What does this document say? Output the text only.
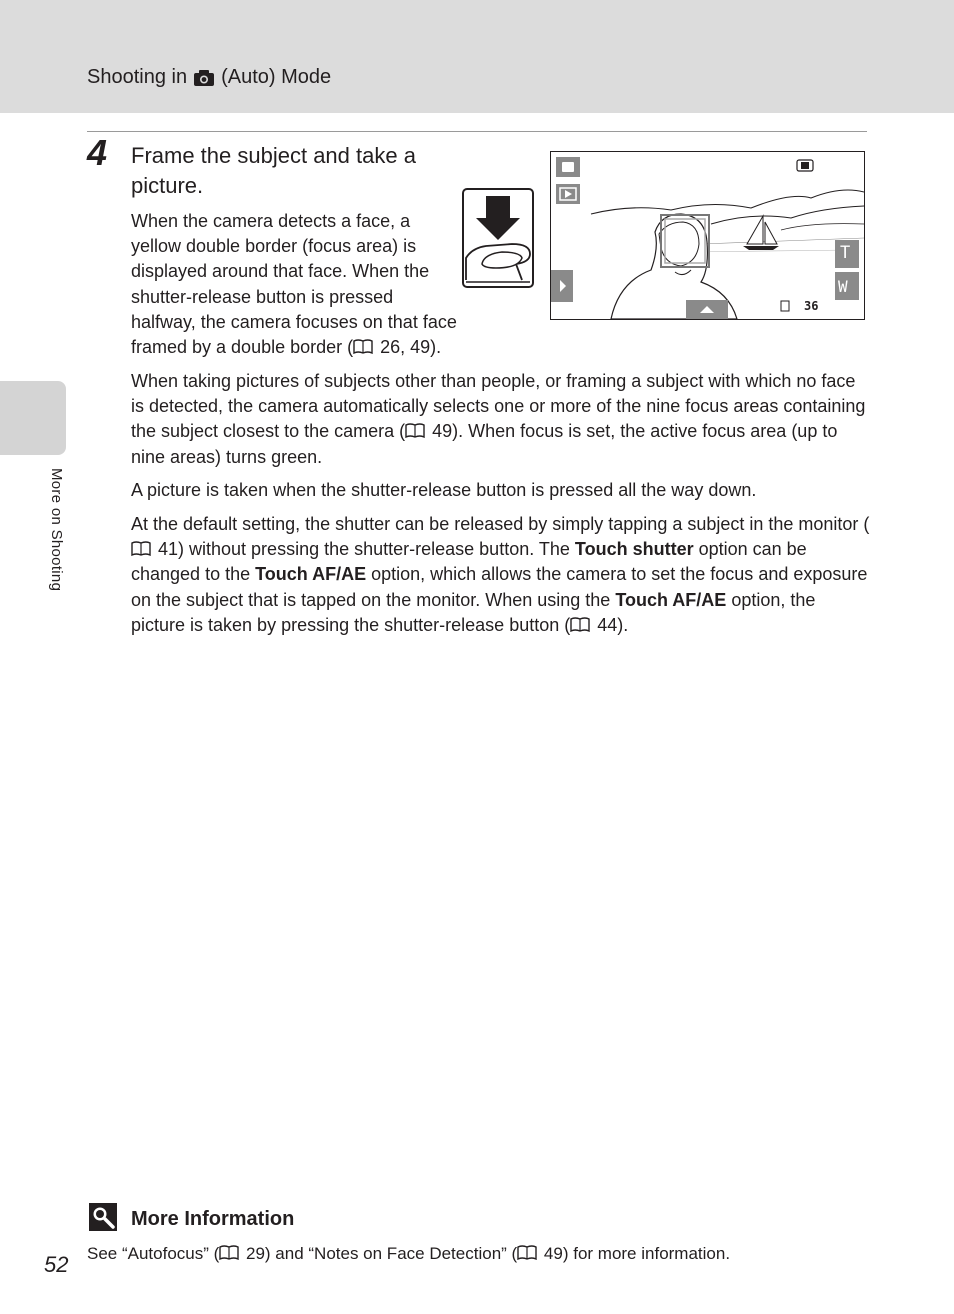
Shooting in (Auto) Mode
More on Shooting
4 Frame the subject and take a picture.
When the camera detects a face, a yellow double border (focus area) is displayed around that face. When the shutter-release button is pressed halfway, the camera focuses on that face framed by a double border ( 26, 49).
T
W
36
When taking pictures of subjects other than people, or framing a subject with which no face is detected, the camera automatically selects one or more of the nine focus areas containing the subject closest to the camera ( 49). When focus is set, the active focus area (up to nine areas) turns green.
A picture is taken when the shutter-release button is pressed all the way down.
At the default setting, the shutter can be released by simply tapping a subject in the monitor ( 41) without pressing the shutter-release button. The Touch shutter option can be changed to the Touch AF/AE option, which allows the camera to set the focus and exposure on the subject that is tapped on the monitor. When using the Touch AF/AE option, the picture is taken by pressing the shutter-release button ( 44).
More Information
See “Autofocus” ( 29) and “Notes on Face Detection” ( 49) for more information.
52
